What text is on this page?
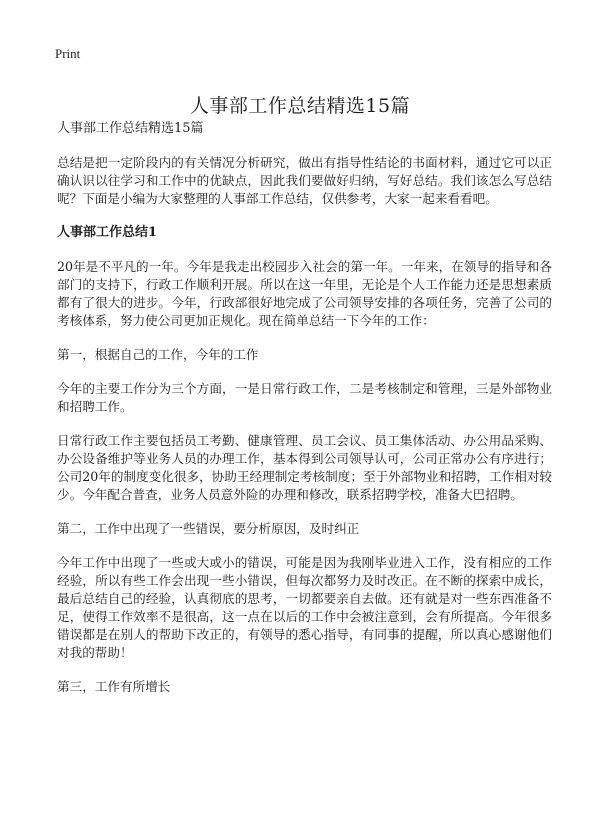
Print
人事部工作总结精选15篇

人事部工作总结精选15篇

总结是把一定阶段内的有关情况分析研究，做出有指导性结论的书面材料，通过它可以正确认识以往学习和工作中的优缺点，因此我们要做好归纳，写好总结。我们该怎么写总结呢？下面是小编为大家整理的人事部工作总结，仅供参考，大家一起来看看吧。

人事部工作总结1

20年是不平凡的一年。今年是我走出校园步入社会的第一年。一年来，在领导的指导和各部门的支持下，行政工作顺利开展。所以在这一年里，无论是个人工作能力还是思想素质都有了很大的进步。今年，行政部很好地完成了公司领导安排的各项任务，完善了公司的考核体系，努力使公司更加正规化。现在简单总结一下今年的工作：

第一，根据自己的工作，今年的工作

今年的主要工作分为三个方面，一是日常行政工作，二是考核制定和管理，三是外部物业和招聘工作。

日常行政工作主要包括员工考勤、健康管理、员工会议、员工集体活动、办公用品采购、办公设备维护等业务人员的办理工作，基本得到公司领导认可，公司正常办公有序进行；公司20年的制度变化很多，协助王经理制定考核制度；至于外部物业和招聘，工作相对较少。今年配合普查，业务人员意外险的办理和修改，联系招聘学校，准备大巴招聘。

第二，工作中出现了一些错误，要分析原因，及时纠正

今年工作中出现了一些或大或小的错误，可能是因为我刚毕业进入工作，没有相应的工作经验，所以有些工作会出现一些小错误，但每次都努力及时改正。在不断的探索中成长，最后总结自己的经验，认真彻底的思考，一切都要亲自去做。还有就是对一些东西准备不足，使得工作效率不是很高，这一点在以后的工作中会被注意到，会有所提高。今年很多错误都是在别人的帮助下改正的，有领导的悉心指导，有同事的提醒，所以真心感谢他们对我的帮助！

第三，工作有所增长
